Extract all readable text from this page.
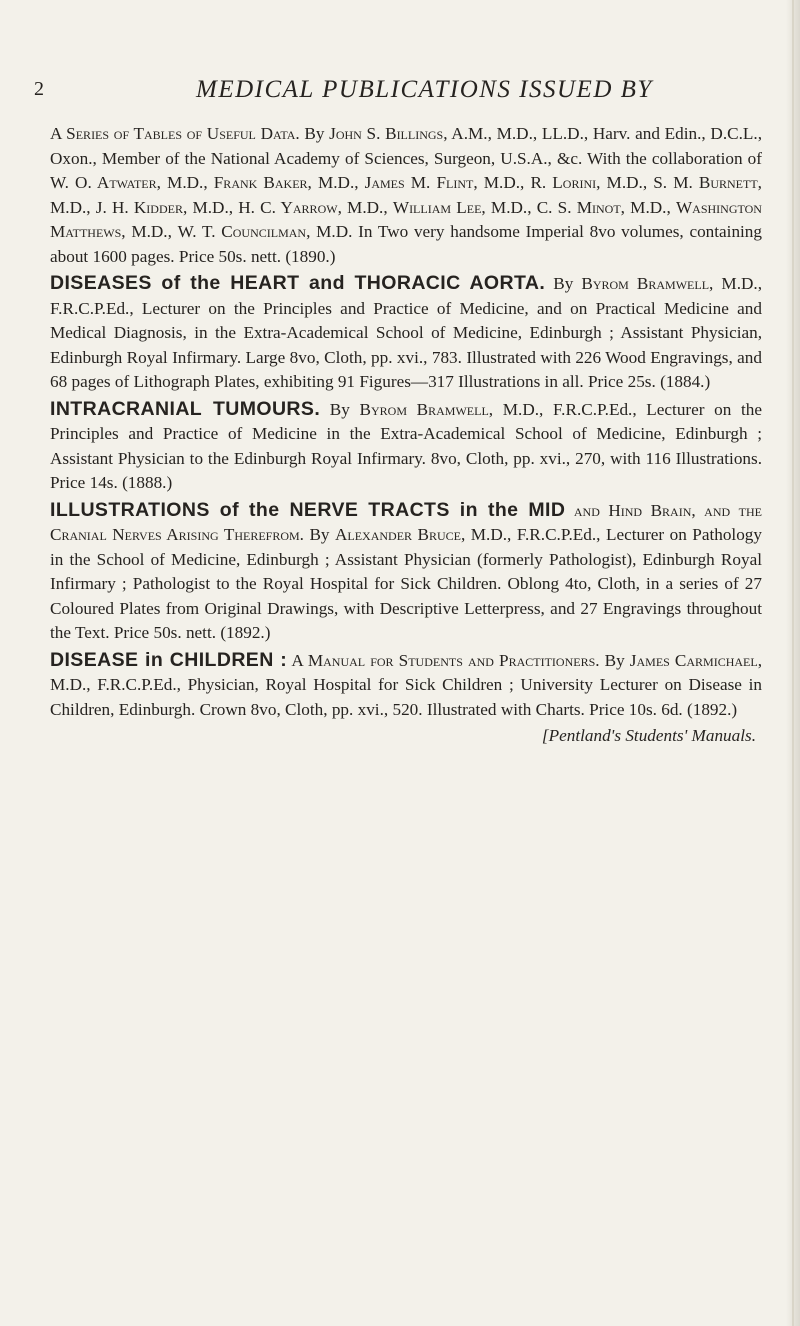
2	MEDICAL PUBLICATIONS ISSUED BY

A Series of Tables of Useful Data. By John S. Billings, A.M., M.D., LL.D., Harv. and Edin., D.C.L., Oxon., Member of the National Academy of Sciences, Surgeon, U.S.A., &c. With the collaboration of W. O. Atwater, M.D., Frank Baker, M.D., James M. Flint, M.D., R. Lorini, M.D., S. M. Burnett, M.D., J. H. Kidder, M.D., H. C. Yarrow, M.D., William Lee, M.D., C. S. Minot, M.D., Washington Matthews, M.D., W. T. Councilman, M.D. In Two very handsome Imperial 8vo volumes, containing about 1600 pages. Price 50s. nett. (1890.)

DISEASES of the HEART and THORACIC AORTA. By Byrom Bramwell, M.D., F.R.C.P.Ed., Lecturer on the Principles and Practice of Medicine, and on Practical Medicine and Medical Diagnosis, in the Extra-Academical School of Medicine, Edinburgh ; Assistant Physician, Edinburgh Royal Infirmary. Large 8vo, Cloth, pp. xvi., 783. Illustrated with 226 Wood Engravings, and 68 pages of Lithograph Plates, exhibiting 91 Figures—317 Illustrations in all. Price 25s. (1884.)

INTRACRANIAL TUMOURS. By Byrom Bramwell, M.D., F.R.C.P.Ed., Lecturer on the Principles and Practice of Medicine in the Extra-Academical School of Medicine, Edinburgh ; Assistant Physician to the Edinburgh Royal Infirmary. 8vo, Cloth, pp. xvi., 270, with 116 Illustrations. Price 14s. (1888.)

ILLUSTRATIONS of the NERVE TRACTS in the MID and Hind Brain, and the Cranial Nerves Arising Therefrom. By Alexander Bruce, M.D., F.R.C.P.Ed., Lecturer on Pathology in the School of Medicine, Edinburgh ; Assistant Physician (formerly Pathologist), Edinburgh Royal Infirmary ; Pathologist to the Royal Hospital for Sick Children. Oblong 4to, Cloth, in a series of 27 Coloured Plates from Original Drawings, with Descriptive Letterpress, and 27 Engravings throughout the Text. Price 50s. nett. (1892.)

DISEASE in CHILDREN : A Manual for Students and Practitioners. By James Carmichael, M.D., F.R.C.P.Ed., Physician, Royal Hospital for Sick Children ; University Lecturer on Disease in Children, Edinburgh. Crown 8vo, Cloth, pp. xvi., 520. Illustrated with Charts. Price 10s. 6d. (1892.)

[Pentland's Students' Manuals.
